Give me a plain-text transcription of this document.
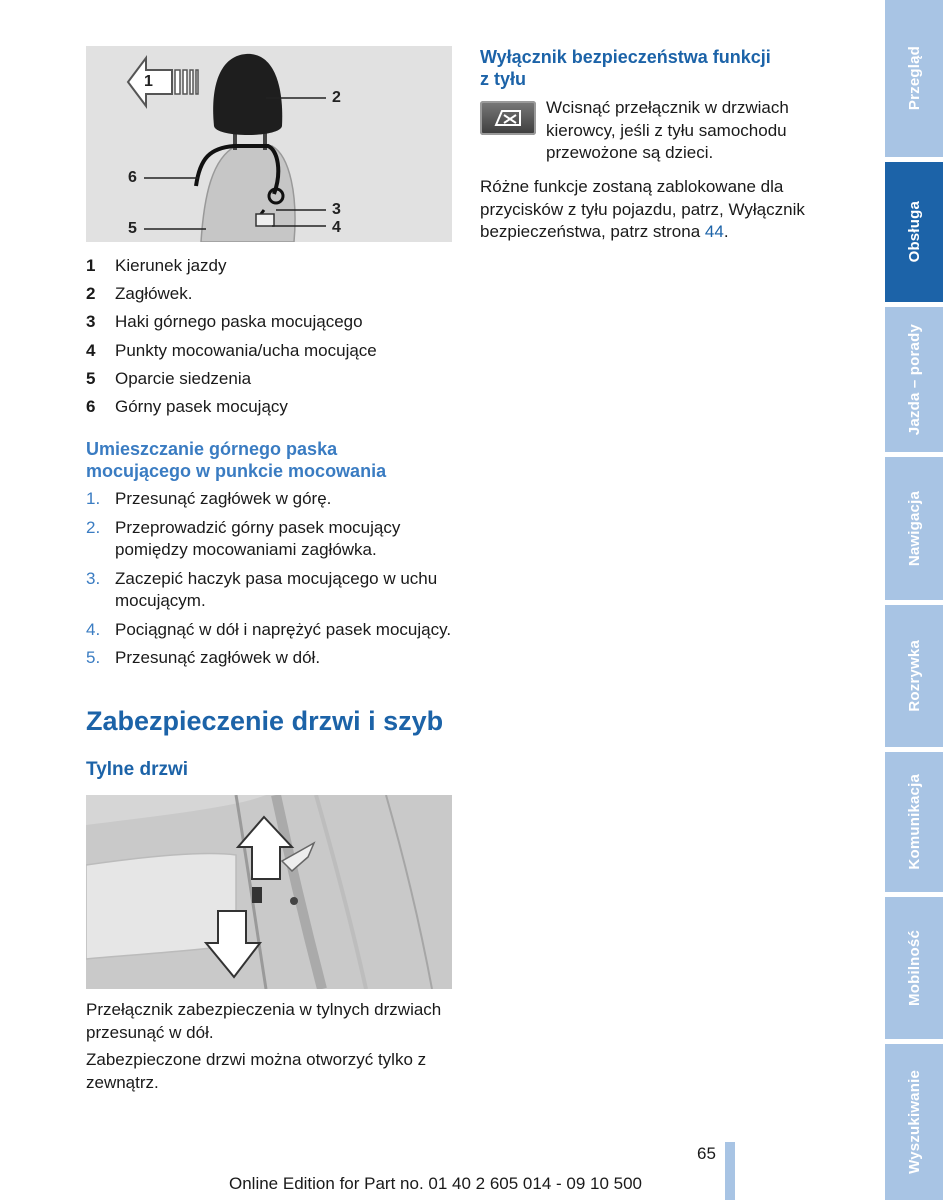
1
2
3
4
5
6
1	Kierunek jazdy
2	Zagłówek.
3	Haki górnego paska mocującego
4	Punkty mocowania/ucha mocujące
5	Oparcie siedzenia
6	Górny pasek mocujący
Umieszczanie górnego paska
mocującego w punkcie mocowania
1. Przesunąć zagłówek w górę.
2. Przeprowadzić górny pasek mocujący pomiędzy mocowaniami zagłówka.
3. Zaczepić haczyk pasa mocującego w uchu mocującym.
4. Pociągnąć w dół i naprężyć pasek mocujący.
5. Przesunąć zagłówek w dół.
Zabezpieczenie drzwi i szyb
Tylne drzwi

Przełącznik zabezpieczenia w tylnych drzwiach przesunąć w dół.

Zabezpieczone drzwi można otworzyć tylko z zewnątrz.

Wyłącznik bezpieczeństwa funkcji
z tyłu

Wcisnąć przełącznik w drzwiach kierowcy, jeśli z tyłu samochodu przewożone są dzieci.

Różne funkcje zostaną zablokowane dla przycisków z tyłu pojazdu, patrz, Wyłącznik bezpieczeństwa, patrz strona 44.

Przegląd
Obsługa
Jazda – porady
Nawigacja
Rozrywka
Komunikacja
Mobilność
Wyszukiwanie
65
Online Edition for Part no. 01 40 2 605 014 - 09 10 500
